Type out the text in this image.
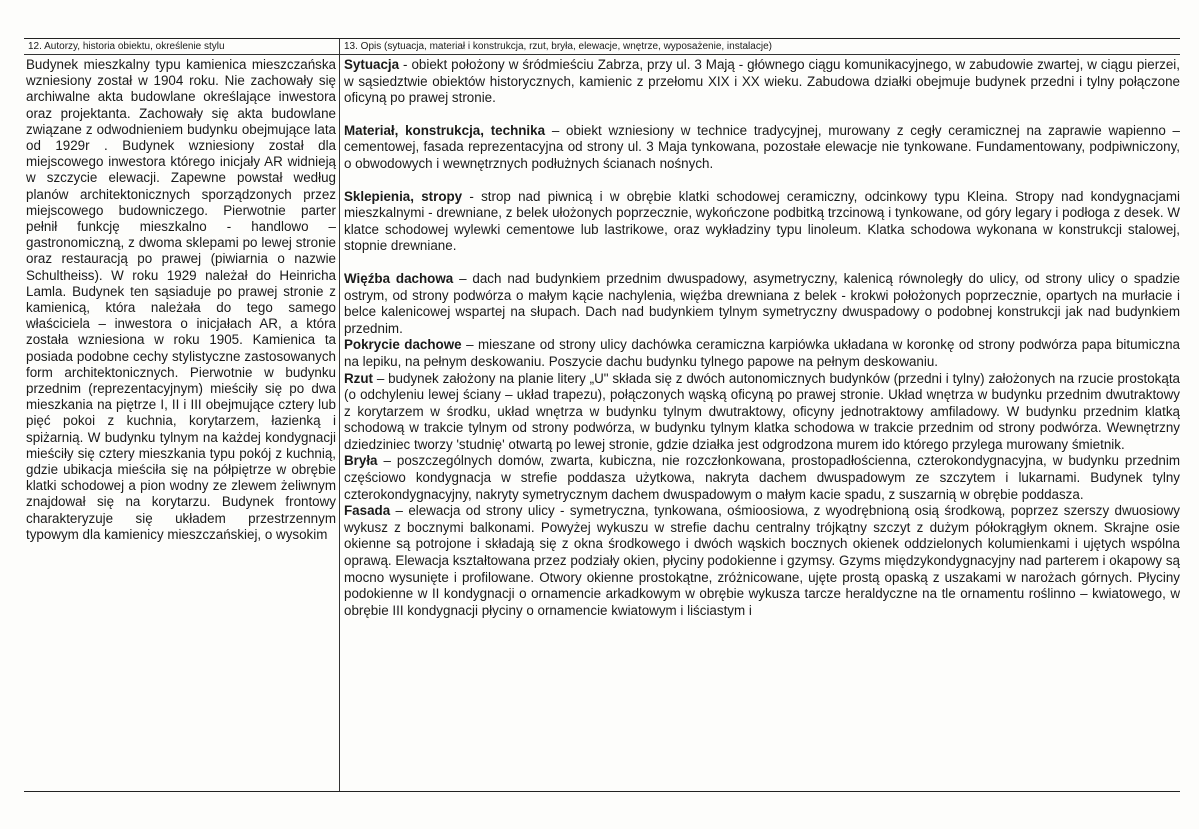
12. Autorzy, historia obiektu, określenie stylu	13. Opis (sytuacja, materiał i konstrukcja, rzut, bryła, elewacje, wnętrze, wyposażenie, instalacje)
Budynek mieszkalny typu kamienica mieszczańska wzniesiony został w 1904 roku. Nie zachowały się archiwalne akta budowlane określające inwestora oraz projektanta. Zachowały się akta budowlane związane z odwodnieniem budynku obejmujące lata od 1929r . Budynek wzniesiony został dla miejscowego inwestora którego inicjały AR widnieją w szczycie elewacji. Zapewne powstał według planów architektonicznych sporządzonych przez miejscowego budowniczego. Pierwotnie parter pełnił funkcję mieszkalno - handlowo – gastronomiczną, z dwoma sklepami po lewej stronie oraz restauracją po prawej (piwiarnia o nazwie Schultheiss). W roku 1929 należał do Heinricha Lamla. Budynek ten sąsiaduje po prawej stronie z kamienicą, która należała do tego samego właściciela – inwestora o inicjałach AR, a która została wzniesiona w roku 1905. Kamienica ta posiada podobne cechy stylistyczne zastosowanych form architektonicznych. Pierwotnie w budynku przednim (reprezentacyjnym) mieściły się po dwa mieszkania na piętrze I, II i III obejmujące cztery lub pięć pokoi z kuchnia, korytarzem, łazienką i spiżarnią. W budynku tylnym na każdej kondygnacji mieściły się cztery mieszkania typu pokój z kuchnią, gdzie ubikacja mieściła się na półpiętrze w obrębie klatki schodowej a pion wodny ze zlewem żeliwnym znajdował się na korytarzu. Budynek frontowy charakteryzuje się układem przestrzennym typowym dla kamienicy mieszczańskiej, o wysokim

Sytuacja - obiekt położony w śródmieściu Zabrza, przy ul. 3 Mają - głównego ciągu komunikacyjnego, w zabudowie zwartej, w ciągu pierzei, w sąsiedztwie obiektów historycznych, kamienic z przełomu XIX i XX wieku. Zabudowa działki obejmuje budynek przedni i tylny połączone oficyną po prawej stronie.

Materiał, konstrukcja, technika – obiekt wzniesiony w technice tradycyjnej, murowany z cegły ceramicznej na zaprawie wapienno – cementowej, fasada reprezentacyjna od strony ul. 3 Maja tynkowana, pozostałe elewacje nie tynkowane. Fundamentowany, podpiwniczony, o obwodowych i wewnętrznych podłużnych ścianach nośnych.

Sklepienia, stropy - strop nad piwnicą i w obrębie klatki schodowej ceramiczny, odcinkowy typu Kleina. Stropy nad kondygnacjami mieszkalnymi - drewniane, z belek ułożonych poprzecznie, wykończone podbitką trzcinową i tynkowane, od góry legary i podłoga z desek. W klatce schodowej wylewki cementowe lub lastrikowe, oraz wykładziny typu linoleum. Klatka schodowa wykonana w konstrukcji stalowej, stopnie drewniane.

Więźba dachowa – dach nad budynkiem przednim dwuspadowy, asymetryczny, kalenicą równoległy do ulicy, od strony ulicy o spadzie ostrym, od strony podwórza o małym kącie nachylenia, więźba drewniana z belek - krokwi położonych poprzecznie, opartych na murłacie i belce kalenicowej wspartej na słupach. Dach nad budynkiem tylnym symetryczny dwuspadowy o podobnej konstrukcji jak nad budynkiem przednim.

Pokrycie dachowe – mieszane od strony ulicy dachówka ceramiczna karpiówka układana w koronkę od strony podwórza papa bitumiczna na lepiku, na pełnym deskowaniu. Poszycie dachu budynku tylnego papowe na pełnym deskowaniu.

Rzut – budynek założony na planie litery „U" składa się z dwóch autonomicznych budynków (przedni i tylny) założonych na rzucie prostokąta (o odchyleniu lewej ściany – układ trapezu), połączonych wąską oficyną po prawej stronie. Układ wnętrza w budynku przednim dwutraktowy z korytarzem w środku, układ wnętrza w budynku tylnym dwutraktowy, oficyny jednotraktowy amfiladowy. W budynku przednim klatką schodową w trakcie tylnym od strony podwórza, w budynku tylnym klatka schodowa w trakcie przednim od strony podwórza. Wewnętrzny dziedziniec tworzy 'studnię' otwartą po lewej stronie, gdzie działka jest odgrodzona murem ido którego przylega murowany śmietnik.

Bryła – poszczególnych domów, zwarta, kubiczna, nie rozczłonkowana, prostopadłościenna, czterokondygnacyjna, w budynku przednim częściowo kondygnacja w strefie poddasza użytkowa, nakryta dachem dwuspadowym ze szczytem i lukarnami. Budynek tylny czterokondygnacyjny, nakryty symetrycznym dachem dwuspadowym o małym kacie spadu, z suszarnią w obrębie poddasza.

Fasada – elewacja od strony ulicy - symetryczna, tynkowana, ośmioosiowa, z wyodrębnioną osią środkową, poprzez szerszy dwuosiowy wykusz z bocznymi balkonami. Powyżej wykuszu w strefie dachu centralny trójkątny szczyt z dużym półokrągłym oknem. Skrajne osie okienne są potrojone i składają się z okna środkowego i dwóch wąskich bocznych okienek oddzielonych kolumienkami i ujętych wspólna oprawą. Elewacja kształtowana przez podziały okien, płyciny podokienne i gzymsy. Gzyms międzykondygnacyjny nad parterem i okapowy są mocno wysunięte i profilowane. Otwory okienne prostokątne, zróżnicowane, ujęte prostą opaską z uszakami w narożach górnych. Płyciny podokienne w II kondygnacji o ornamencie arkadkowym w obrębie wykusza tarcze heraldyczne na tle ornamentu roślinno – kwiatowego, w obrębie III kondygnacji płyciny o ornamencie kwiatowym i liściastym i
